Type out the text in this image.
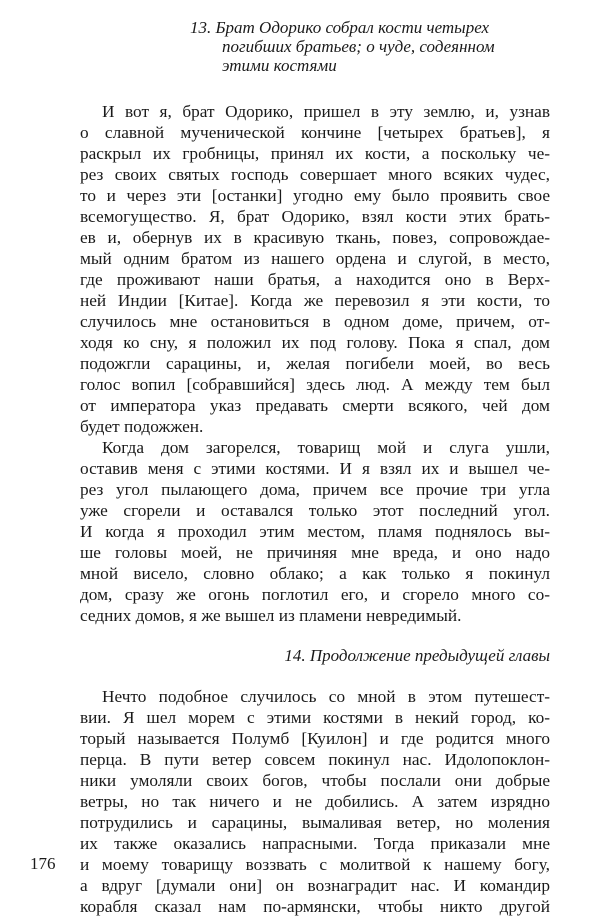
13. Брат Одорико собрал кости четырех

погибших братьев; о чуде, содеянном

этими костями

И вот я, брат Одорико, пришел в эту землю, и, узнав
о славной мученической кончине [четырех братьев], я
раскрыл их гробницы, принял их кости, а поскольку че-
рез своих святых господь совершает много всяких чудес,
то и через эти [останки] угодно ему было проявить свое
всемогущество. Я, брат Одорико, взял кости этих брать-
ев и, обернув их в красивую ткань, повез, сопровождае-
мый одним братом из нашего ордена и слугой, в место,
где проживают наши братья, а находится оно в Верх-
ней Индии [Китае]. Когда же перевозил я эти кости, то
случилось мне остановиться в одном доме, причем, от-
ходя ко сну, я положил их под голову. Пока я спал, дом
подожгли сарацины, и, желая погибели моей, во весь
голос вопил [собравшийся] здесь люд. А между тем был
от императора указ предавать смерти всякого, чей дом
будет подожжен.
Когда дом загорелся, товарищ мой и слуга ушли,
оставив меня с этими костями. И я взял их и вышел че-
рез угол пылающего дома, причем все прочие три угла
уже сгорели и оставался только этот последний угол.
И когда я проходил этим местом, пламя поднялось вы-
ше головы моей, не причиняя мне вреда, и оно надо
мной висело, словно облако; а как только я покинул
дом, сразу же огонь поглотил его, и сгорело много со-
седних домов, я же вышел из пламени невредимый.

14. Продолжение предыдущей главы

Нечто подобное случилось со мной в этом путешест-
вии. Я шел морем с этими костями в некий город, ко-
торый называется Полумб [Куилон] и где родится много
перца. В пути ветер совсем покинул нас. Идолопоклон-
ники умоляли своих богов, чтобы послали они добрые
ветры, но так ничего и не добились. А затем изрядно
потрудились и сарацины, вымаливая ветер, но моления
их также оказались напрасными. Тогда приказали мне
и моему товарищу воззвать с молитвой к нашему богу,
а вдруг [думали они] он вознаградит нас. И командир
корабля сказал нам по-армянски, чтобы никто другой
176
